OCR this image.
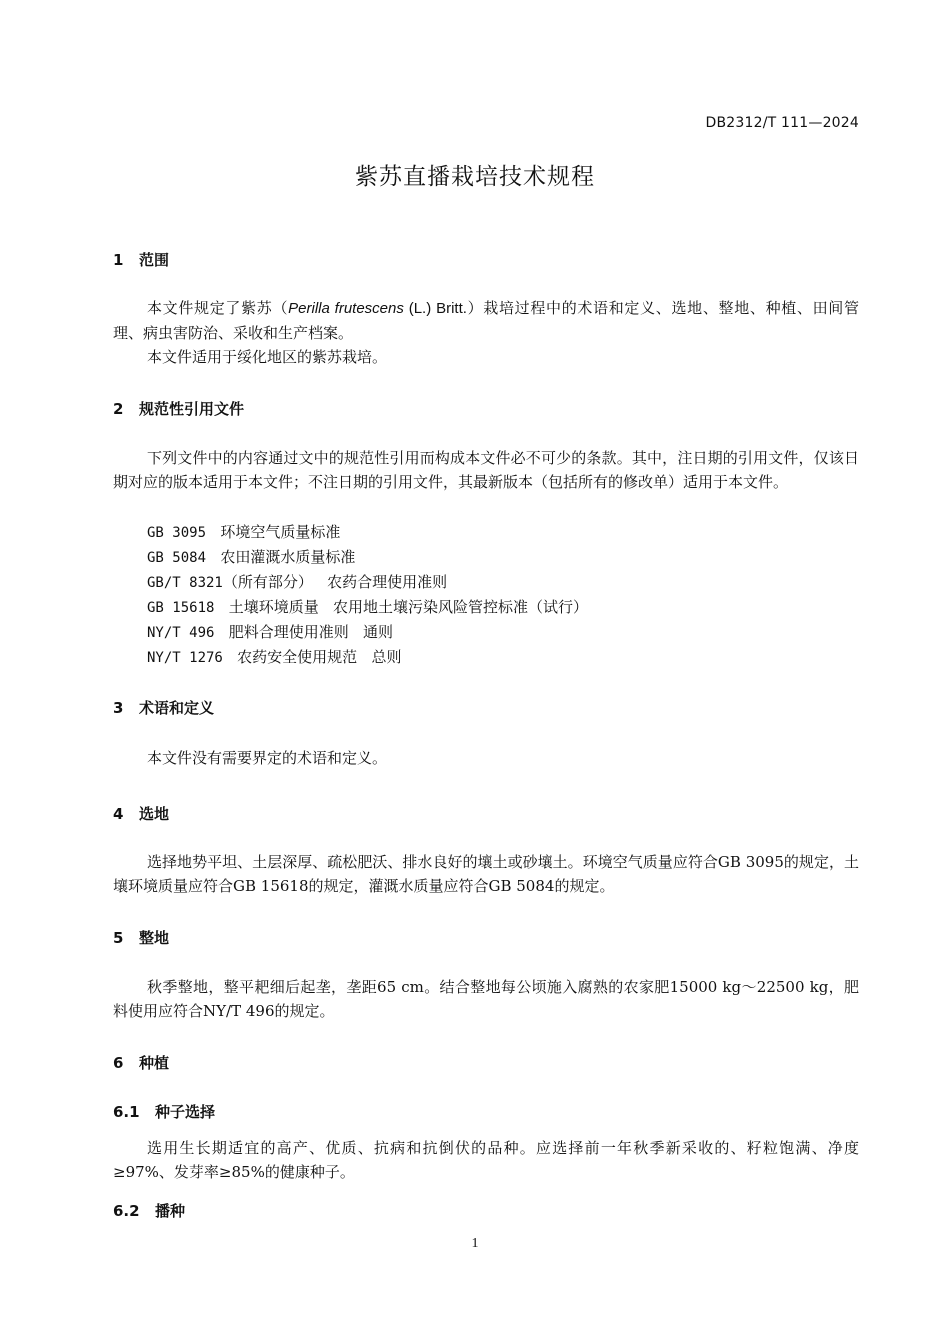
DB2312/T 111—2024
紫苏直播栽培技术规程
1 范围
本文件规定了紫苏（Perilla frutescens (L.) Britt.）栽培过程中的术语和定义、选地、整地、种植、田间管理、病虫害防治、采收和生产档案。
本文件适用于绥化地区的紫苏栽培。
2 规范性引用文件
下列文件中的内容通过文中的规范性引用而构成本文件必不可少的条款。其中，注日期的引用文件，仅该日期对应的版本适用于本文件；不注日期的引用文件，其最新版本（包括所有的修改单）适用于本文件。
GB 3095 环境空气质量标准
GB 5084 农田灌溉水质量标准
GB/T 8321（所有部分）   农药合理使用准则
GB 15618 土壤环境质量   农用地土壤污染风险管控标准（试行）
NY/T 496 肥料合理使用准则   通则
NY/T 1276 农药安全使用规范   总则
3 术语和定义
本文件没有需要界定的术语和定义。
4 选地
选择地势平坦、土层深厚、疏松肥沃、排水良好的壤土或砂壤土。环境空气质量应符合GB 3095的规定，土壤环境质量应符合GB 15618的规定，灌溉水质量应符合GB 5084的规定。
5 整地
秋季整地，整平耙细后起垄，垄距65 cm。结合整地每公顷施入腐熟的农家肥15000 kg～22500 kg，肥料使用应符合NY/T 496的规定。
6 种植
6.1 种子选择
选用生长期适宜的高产、优质、抗病和抗倒伏的品种。应选择前一年秋季新采收的、籽粒饱满、净度≥97%、发芽率≥85%的健康种子。
6.2 播种
1
